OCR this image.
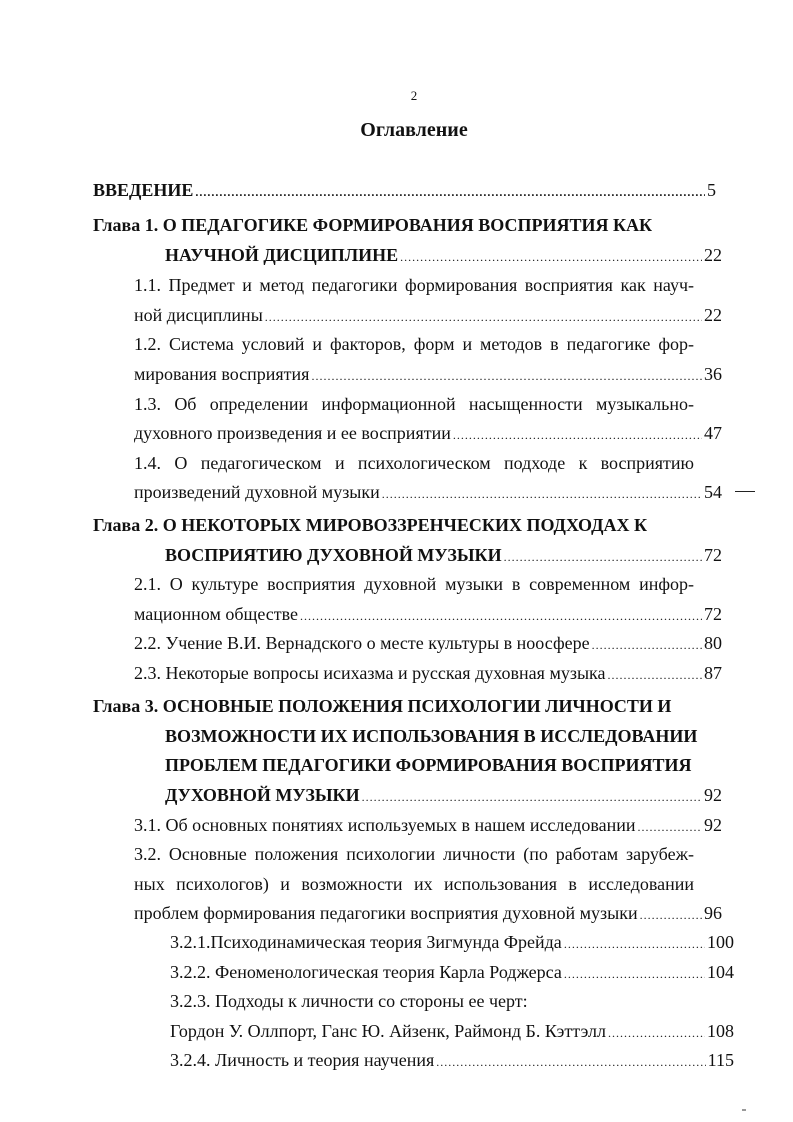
2
Оглавление
ВВЕДЕНИЕ .....	5
Глава 1. О ПЕДАГОГИКЕ ФОРМИРОВАНИЯ ВОСПРИЯТИЯ КАК
НАУЧНОЙ ДИСЦИПЛИНЕ .....	22
1.1. Предмет и метод педагогики формирования восприятия как науч-
ной дисциплины .....	22
1.2. Система условий и факторов, форм и методов в педагогике фор-
мирования восприятия .....	36
1.3. Об определении информационной насыщенности музыкально-
духовного произведения и ее восприятии .....	47
1.4. О педагогическом и психологическом подходе к восприятию
произведений духовной музыки .....	54
Глава 2. О НЕКОТОРЫХ МИРОВОЗЗРЕНЧЕСКИХ ПОДХОДАХ К
ВОСПРИЯТИЮ ДУХОВНОЙ МУЗЫКИ .....	72
2.1. О культуре восприятия духовной музыки в современном инфор-
мационном обществе .....	72
2.2. Учение В.И. Вернадского о месте культуры в ноосфере .....	80
2.3. Некоторые вопросы исихазма и русская духовная музыка .....	87
Глава 3. ОСНОВНЫЕ ПОЛОЖЕНИЯ ПСИХОЛОГИИ ЛИЧНОСТИ И
ВОЗМОЖНОСТИ ИХ ИСПОЛЬЗОВАНИЯ В ИССЛЕДОВАНИИ
ПРОБЛЕМ ПЕДАГОГИКИ ФОРМИРОВАНИЯ ВОСПРИЯТИЯ
ДУХОВНОЙ МУЗЫКИ .....	92
3.1. Об основных понятиях используемых в нашем исследовании .....	92
3.2. Основные положения психологии личности (по работам зарубеж-
ных психологов) и возможности их использования в исследовании
проблем формирования педагогики восприятия духовной музыки .....	96
3.2.1.Психодинамическая теория Зигмунда Фрейда .....	100
3.2.2. Феноменологическая теория Карла Роджерса .....	104
3.2.3. Подходы к личности со стороны ее черт:
Гордон У. Оллпорт, Ганс Ю. Айзенк, Раймонд Б. Кэттэлл .....	108
3.2.4. Личность и теория научения .....	115
